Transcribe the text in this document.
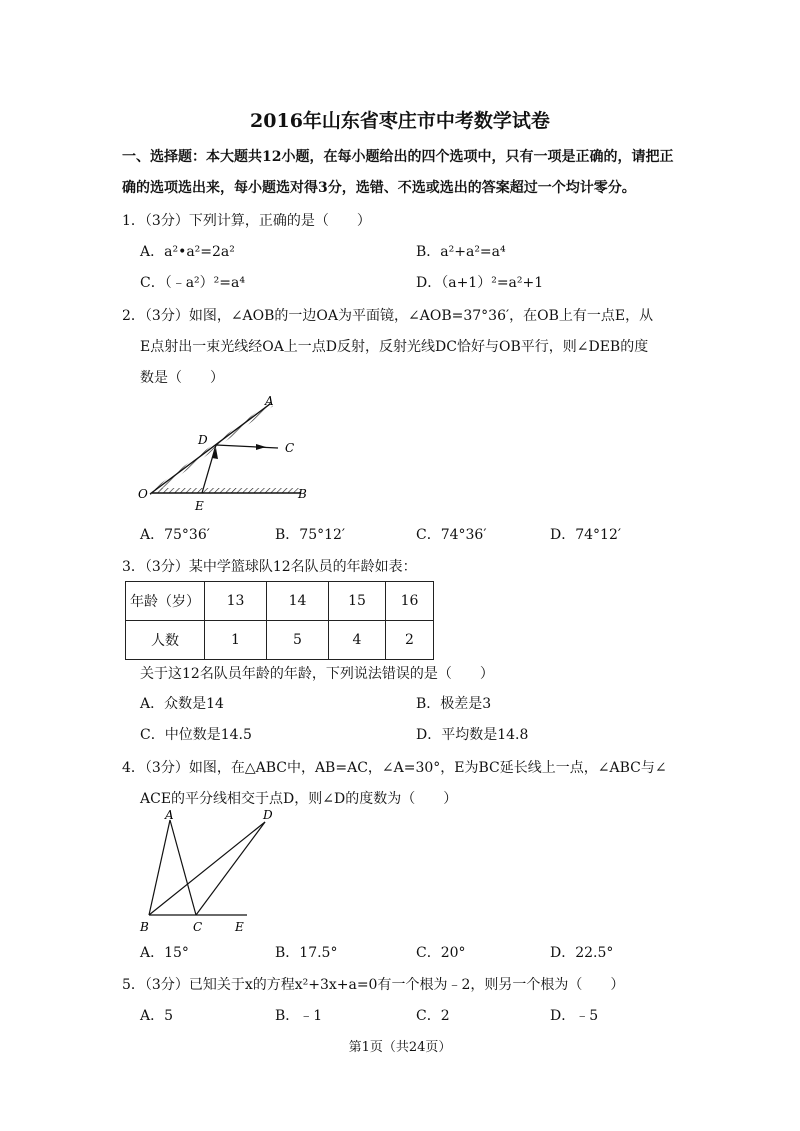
2016年山东省枣庄市中考数学试卷
一、选择题：本大题共12小题，在每小题给出的四个选项中，只有一项是正确的，请把正
确的选项选出来，每小题选对得3分，选错、不选或选出的答案超过一个均计零分。
1．（3分）下列计算，正确的是（　　）
A．a²•a²=2a²	B．a²+a²=a⁴
C．（﹣a²）²=a⁴	D．（a+1）²=a²+1
2．（3分）如图，∠AOB的一边OA为平面镜，∠AOB=37°36′，在OB上有一点E，从
E点射出一束光线经OA上一点D反射，反射光线DC恰好与OB平行，则∠DEB的度
数是（　　）
A
D
C
O
E
B
A．75°36′	B．75°12′	C．74°36′	D．74°12′
3．（3分）某中学篮球队12名队员的年龄如表：
年龄（岁）	13	14	15	16
人数	1	5	4	2
关于这12名队员年龄的年龄，下列说法错误的是（　　）
A．众数是14	B．极差是3
C．中位数是14.5	D．平均数是14.8
4．（3分）如图，在△ABC中，AB=AC，∠A=30°，E为BC延长线上一点，∠ABC与∠
ACE的平分线相交于点D，则∠D的度数为（　　）
A	D
B	C	E
A．15°	B．17.5°	C．20°	D．22.5°
5．（3分）已知关于x的方程x²+3x+a=0有一个根为﹣2，则另一个根为（　　）
A．5	B．﹣1	C．2	D．﹣5
第1页（共24页）
